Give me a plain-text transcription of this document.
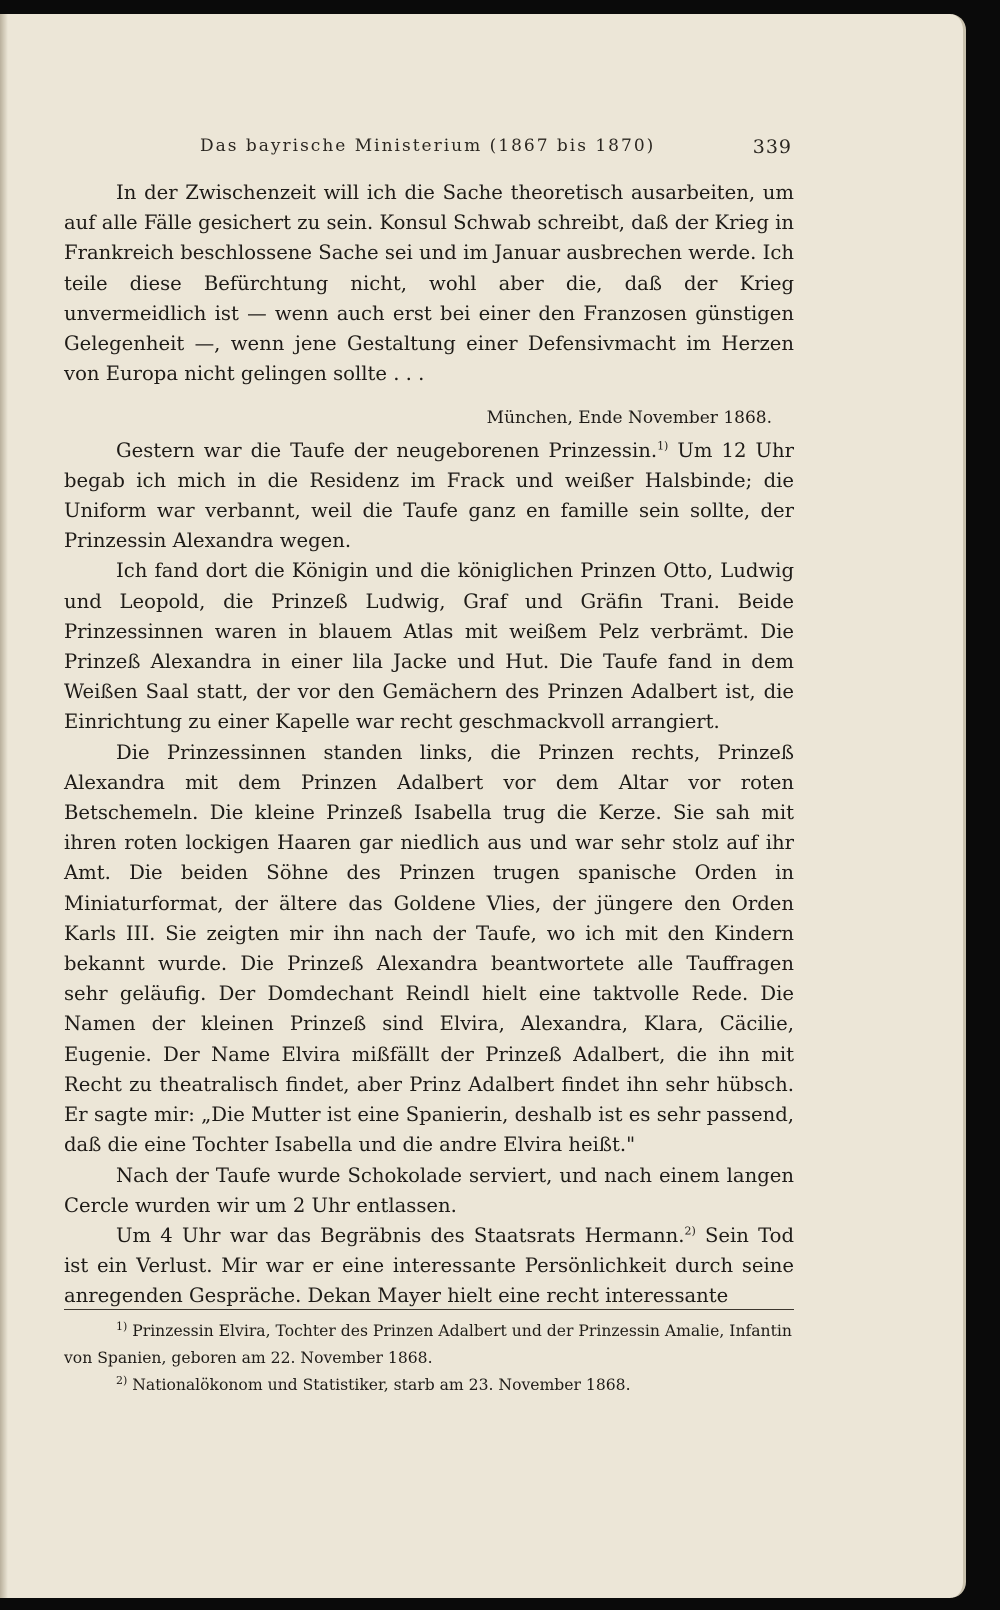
Das bayrische Ministerium (1867 bis 1870)	339

In der Zwischenzeit will ich die Sache theoretisch ausarbeiten, um auf alle Fälle gesichert zu sein. Konsul Schwab schreibt, daß der Krieg in Frankreich beschlossene Sache sei und im Januar ausbrechen werde. Ich teile diese Befürchtung nicht, wohl aber die, daß der Krieg unvermeidlich ist — wenn auch erst bei einer den Franzosen günstigen Gelegenheit —, wenn jene Gestaltung einer Defensivmacht im Herzen von Europa nicht gelingen sollte . . .

München, Ende November 1868.

Gestern war die Taufe der neugeborenen Prinzessin.$^{1)}$ Um 12 Uhr begab ich mich in die Residenz im Frack und weißer Halsbinde; die Uniform war verbannt, weil die Taufe ganz en famille sein sollte, der Prinzessin Alexandra wegen.

Ich fand dort die Königin und die königlichen Prinzen Otto, Ludwig und Leopold, die Prinzeß Ludwig, Graf und Gräfin Trani. Beide Prinzessinnen waren in blauem Atlas mit weißem Pelz verbrämt. Die Prinzeß Alexandra in einer lila Jacke und Hut. Die Taufe fand in dem Weißen Saal statt, der vor den Gemächern des Prinzen Adalbert ist, die Einrichtung zu einer Kapelle war recht geschmackvoll arrangiert.

Die Prinzessinnen standen links, die Prinzen rechts, Prinzeß Alexandra mit dem Prinzen Adalbert vor dem Altar vor roten Betschemeln. Die kleine Prinzeß Isabella trug die Kerze. Sie sah mit ihren roten lockigen Haaren gar niedlich aus und war sehr stolz auf ihr Amt. Die beiden Söhne des Prinzen trugen spanische Orden in Miniaturformat, der ältere das Goldene Vlies, der jüngere den Orden Karls III. Sie zeigten mir ihn nach der Taufe, wo ich mit den Kindern bekannt wurde. Die Prinzeß Alexandra beantwortete alle Tauffragen sehr geläufig. Der Domdechant Reindl hielt eine taktvolle Rede. Die Namen der kleinen Prinzeß sind Elvira, Alexandra, Klara, Cäcilie, Eugenie. Der Name Elvira mißfällt der Prinzeß Adalbert, die ihn mit Recht zu theatralisch findet, aber Prinz Adalbert findet ihn sehr hübsch. Er sagte mir: „Die Mutter ist eine Spanierin, deshalb ist es sehr passend, daß die eine Tochter Isabella und die andre Elvira heißt."

Nach der Taufe wurde Schokolade serviert, und nach einem langen Cercle wurden wir um 2 Uhr entlassen.

Um 4 Uhr war das Begräbnis des Staatsrats Hermann.$^{2)}$ Sein Tod ist ein Verlust. Mir war er eine interessante Persönlichkeit durch seine anregenden Gespräche. Dekan Mayer hielt eine recht interessante

$^{1)}$ Prinzessin Elvira, Tochter des Prinzen Adalbert und der Prinzessin Amalie, Infantin von Spanien, geboren am 22. November 1868.

$^{2)}$ Nationalökonom und Statistiker, starb am 23. November 1868.
